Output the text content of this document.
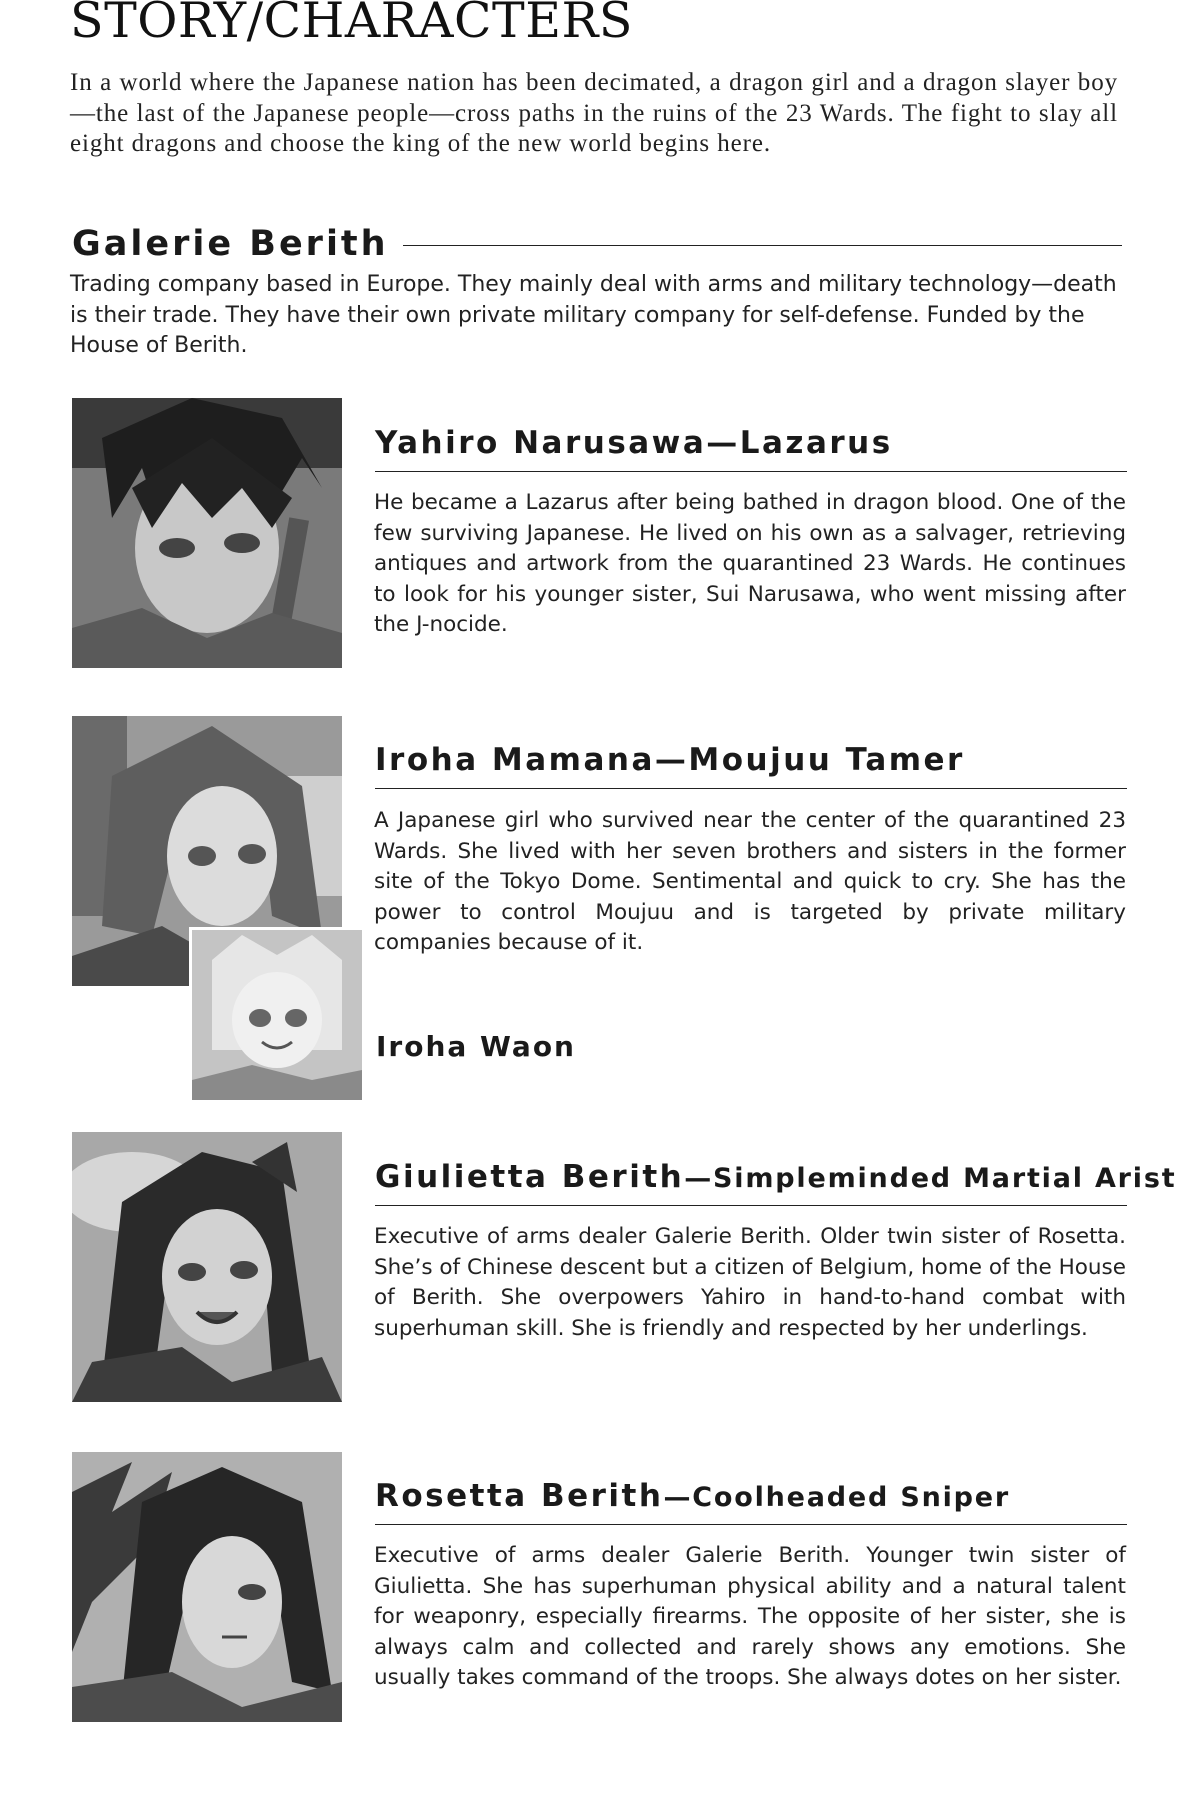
STORY/CHARACTERS

In a world where the Japanese nation has been decimated, a dragon girl and a dragon slayer boy—the last of the Japanese people—cross paths in the ruins of the 23 Wards. The fight to slay all eight dragons and choose the king of the new world begins here.

Galerie Berith

Trading company based in Europe. They mainly deal with arms and military technology—death is their trade. They have their own private military company for self-defense. Funded by the House of Berith.

Yahiro Narusawa—Lazarus

He became a Lazarus after being bathed in dragon blood. One of the few surviving Japanese. He lived on his own as a salvager, retrieving antiques and artwork from the quarantined 23 Wards. He continues to look for his younger sister, Sui Narusawa, who went missing after the J-nocide.

Iroha Mamana—Moujuu Tamer

A Japanese girl who survived near the center of the quarantined 23 Wards. She lived with her seven brothers and sisters in the former site of the Tokyo Dome. Sentimental and quick to cry. She has the power to control Moujuu and is targeted by private military companies because of it.

Iroha Waon
Giulietta Berith—Simpleminded Martial Arist

Executive of arms dealer Galerie Berith. Older twin sister of Rosetta. She’s of Chinese descent but a citizen of Belgium, home of the House of Berith. She overpowers Yahiro in hand-to-hand combat with superhuman skill. She is friendly and respected by her underlings.

Rosetta Berith—Coolheaded Sniper

Executive of arms dealer Galerie Berith. Younger twin sister of Giulietta. She has superhuman physical ability and a natural talent for weaponry, especially firearms. The opposite of her sister, she is always calm and collected and rarely shows any emotions. She usually takes command of the troops. She always dotes on her sister.
